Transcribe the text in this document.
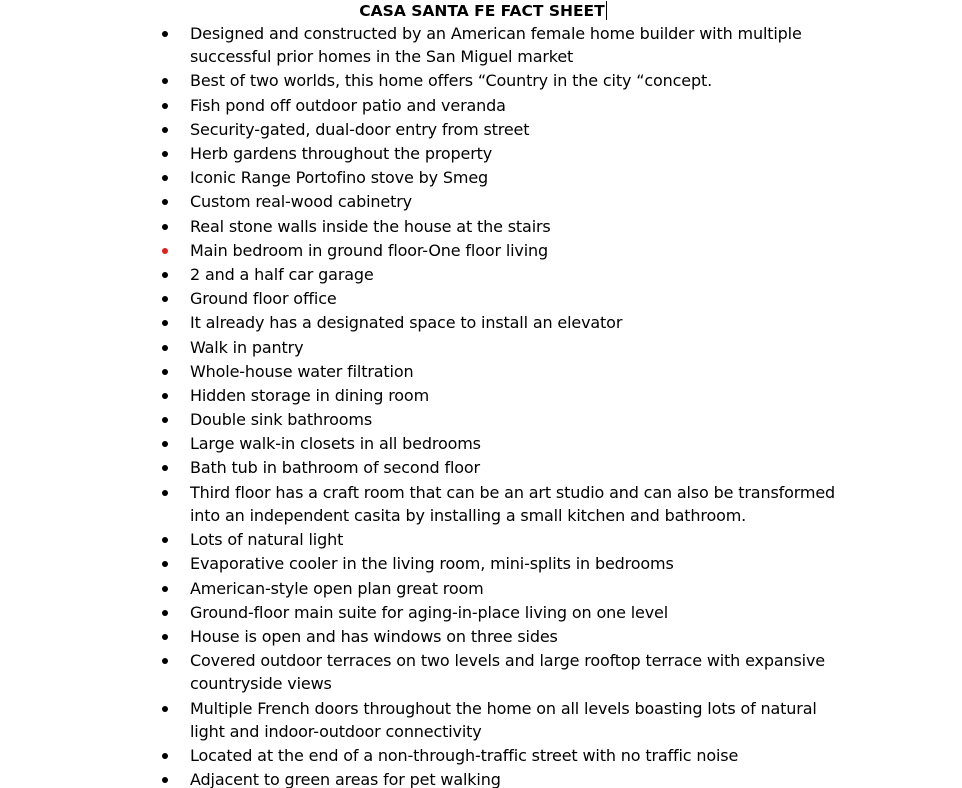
CASA SANTA FE FACT SHEET
Designed and constructed by an American female home builder with multiple successful prior homes in the San Miguel market
Best of two worlds, this home offers “Country in the city “concept.
Fish pond off outdoor patio and veranda
Security-gated, dual-door entry from street
Herb gardens throughout the property
Iconic Range Portofino stove by Smeg
Custom real-wood cabinetry
Real stone walls inside the house at the stairs
Main bedroom in ground floor-One floor living
2 and a half car garage
Ground floor office
It already has a designated space to install an elevator
Walk in pantry
Whole-house water filtration
Hidden storage in dining room
Double sink bathrooms
Large walk-in closets in all bedrooms
Bath tub in bathroom of second floor
Third floor has a craft room that can be an art studio and can also be transformed into an independent casita by installing a small kitchen and bathroom.
Lots of natural light
Evaporative cooler in the living room, mini-splits in bedrooms
American-style open plan great room
Ground-floor main suite for aging-in-place living on one level
House is open and has windows on three sides
Covered outdoor terraces on two levels and large rooftop terrace with expansive countryside views
Multiple French doors throughout the home on all levels boasting lots of natural light and indoor-outdoor connectivity
Located at the end of a non-through-traffic street with no traffic noise
Adjacent to green areas for pet walking
